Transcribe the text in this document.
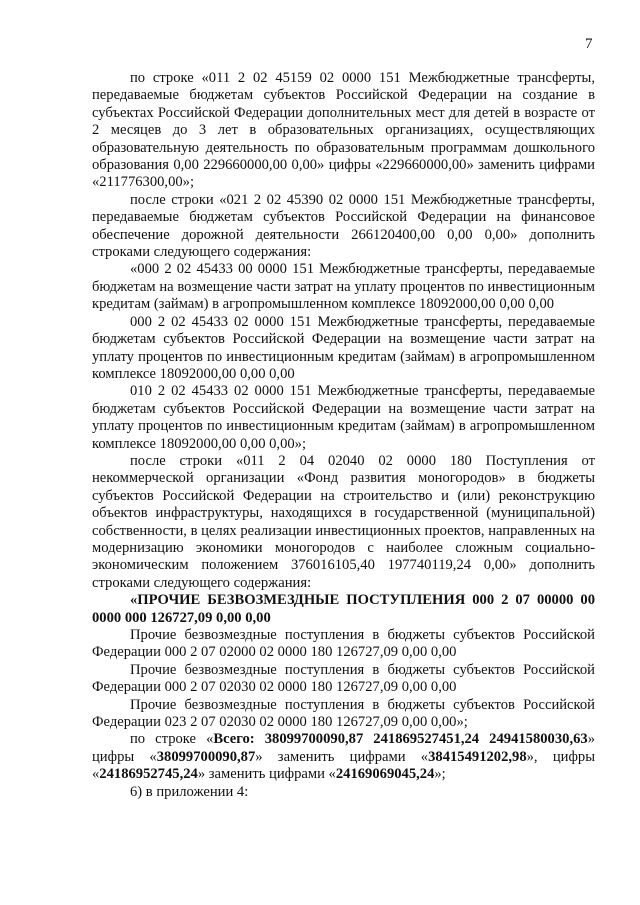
7

по строке «011 2 02 45159 02 0000 151 Межбюджетные трансферты, передаваемые бюджетам субъектов Российской Федерации на создание в субъектах Российской Федерации дополнительных мест для детей в возрасте от 2 месяцев до 3 лет в образовательных организациях, осуществляющих образовательную деятельность по образовательным программам дошкольного образования 0,00 229660000,00 0,00» цифры «229660000,00» заменить цифрами «211776300,00»;

после строки «021 2 02 45390 02 0000 151 Межбюджетные трансферты, передаваемые бюджетам субъектов Российской Федерации на финансовое обеспечение дорожной деятельности 266120400,00 0,00 0,00» дополнить строками следующего содержания:

«000 2 02 45433 00 0000 151 Межбюджетные трансферты, передаваемые бюджетам на возмещение части затрат на уплату процентов по инвестиционным кредитам (займам) в агропромышленном комплексе 18092000,00 0,00 0,00

000 2 02 45433 02 0000 151 Межбюджетные трансферты, передаваемые бюджетам субъектов Российской Федерации на возмещение части затрат на уплату процентов по инвестиционным кредитам (займам) в агропромышленном комплексе 18092000,00 0,00 0,00

010 2 02 45433 02 0000 151 Межбюджетные трансферты, передаваемые бюджетам субъектов Российской Федерации на возмещение части затрат на уплату процентов по инвестиционным кредитам (займам) в агропромышленном комплексе 18092000,00 0,00 0,00»;

после строки «011 2 04 02040 02 0000 180 Поступления от некоммерческой организации «Фонд развития моногородов» в бюджеты субъектов Российской Федерации на строительство и (или) реконструкцию объектов инфраструктуры, находящихся в государственной (муниципальной) собственности, в целях реализации инвестиционных проектов, направленных на модернизацию экономики моногородов с наиболее сложным социально-экономическим положением 376016105,40 197740119,24 0,00» дополнить строками следующего содержания:

«ПРОЧИЕ БЕЗВОЗМЕЗДНЫЕ ПОСТУПЛЕНИЯ 000 2 07 00000 00 0000 000 126727,09 0,00 0,00

Прочие безвозмездные поступления в бюджеты субъектов Российской Федерации 000 2 07 02000 02 0000 180 126727,09 0,00 0,00

Прочие безвозмездные поступления в бюджеты субъектов Российской Федерации 000 2 07 02030 02 0000 180 126727,09 0,00 0,00

Прочие безвозмездные поступления в бюджеты субъектов Российской Федерации 023 2 07 02030 02 0000 180 126727,09 0,00 0,00»;

по строке «Всего: 38099700090,87 241869527451,24 24941580030,63» цифры «38099700090,87» заменить цифрами «38415491202,98», цифры «24186952745,24» заменить цифрами «24169069045,24»;

6) в приложении 4:
